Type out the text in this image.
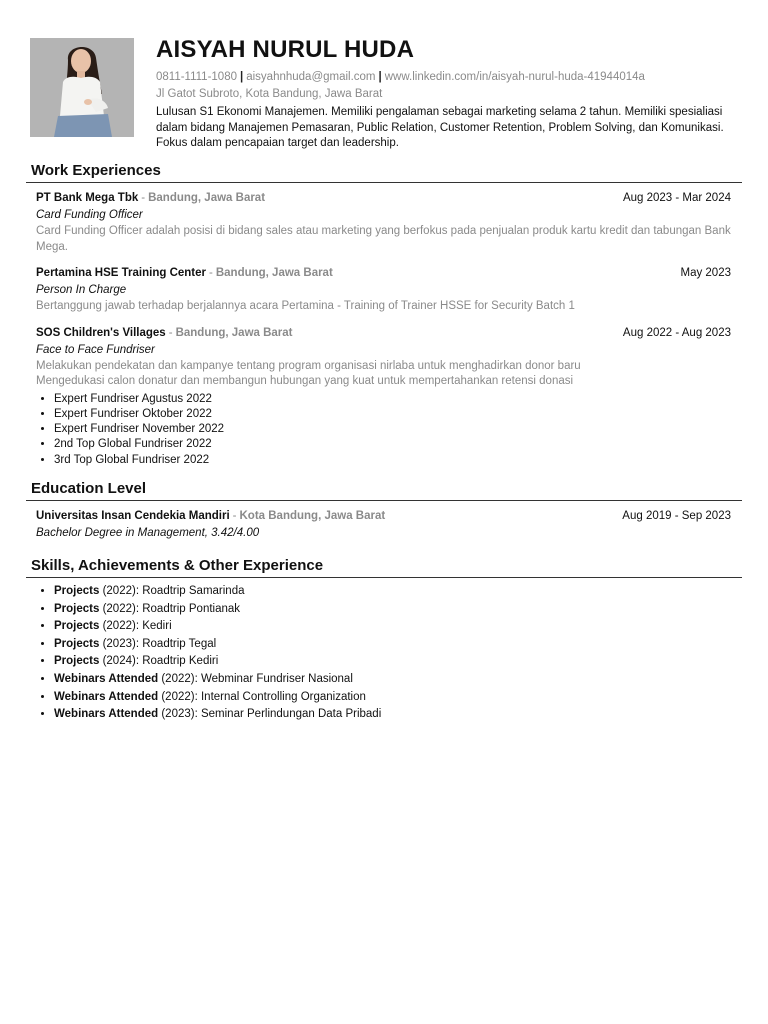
AISYAH NURUL HUDA
0811-1111-1080 | aisyahnhuda@gmail.com | www.linkedin.com/in/aisyah-nurul-huda-41944014a
Jl Gatot Subroto, Kota Bandung, Jawa Barat
Lulusan S1 Ekonomi Manajemen. Memiliki pengalaman sebagai marketing selama 2 tahun. Memiliki spesialiasi dalam bidang Manajemen Pemasaran, Public Relation, Customer Retention, Problem Solving, dan Komunikasi. Fokus dalam pencapaian target dan leadership.
Work Experiences
PT Bank Mega Tbk - Bandung, Jawa Barat	Aug 2023 - Mar 2024
Card Funding Officer
Card Funding Officer adalah posisi di bidang sales atau marketing yang berfokus pada penjualan produk kartu kredit dan tabungan Bank Mega.
Pertamina HSE Training Center - Bandung, Jawa Barat	May 2023
Person In Charge
Bertanggung jawab terhadap berjalannya acara Pertamina - Training of Trainer HSSE for Security Batch 1
SOS Children's Villages - Bandung, Jawa Barat	Aug 2022 - Aug 2023
Face to Face Fundriser
Melakukan pendekatan dan kampanye tentang program organisasi nirlaba untuk menghadirkan donor baru
Mengedukasi calon donatur dan membangun hubungan yang kuat untuk mempertahankan retensi donasi
• Expert Fundriser Agustus 2022
• Expert Fundriser Oktober 2022
• Expert Fundriser November 2022
• 2nd Top Global Fundriser 2022
• 3rd Top Global Fundriser 2022
Education Level
Universitas Insan Cendekia Mandiri - Kota Bandung, Jawa Barat	Aug 2019 - Sep 2023
Bachelor Degree in Management, 3.42/4.00
Skills, Achievements & Other Experience
• Projects (2022): Roadtrip Samarinda
• Projects (2022): Roadtrip Pontianak
• Projects (2022): Kediri
• Projects (2023): Roadtrip Tegal
• Projects (2024): Roadtrip Kediri
• Webinars Attended (2022): Webminar Fundriser Nasional
• Webinars Attended (2022): Internal Controlling Organization
• Webinars Attended (2023): Seminar Perlindungan Data Pribadi
